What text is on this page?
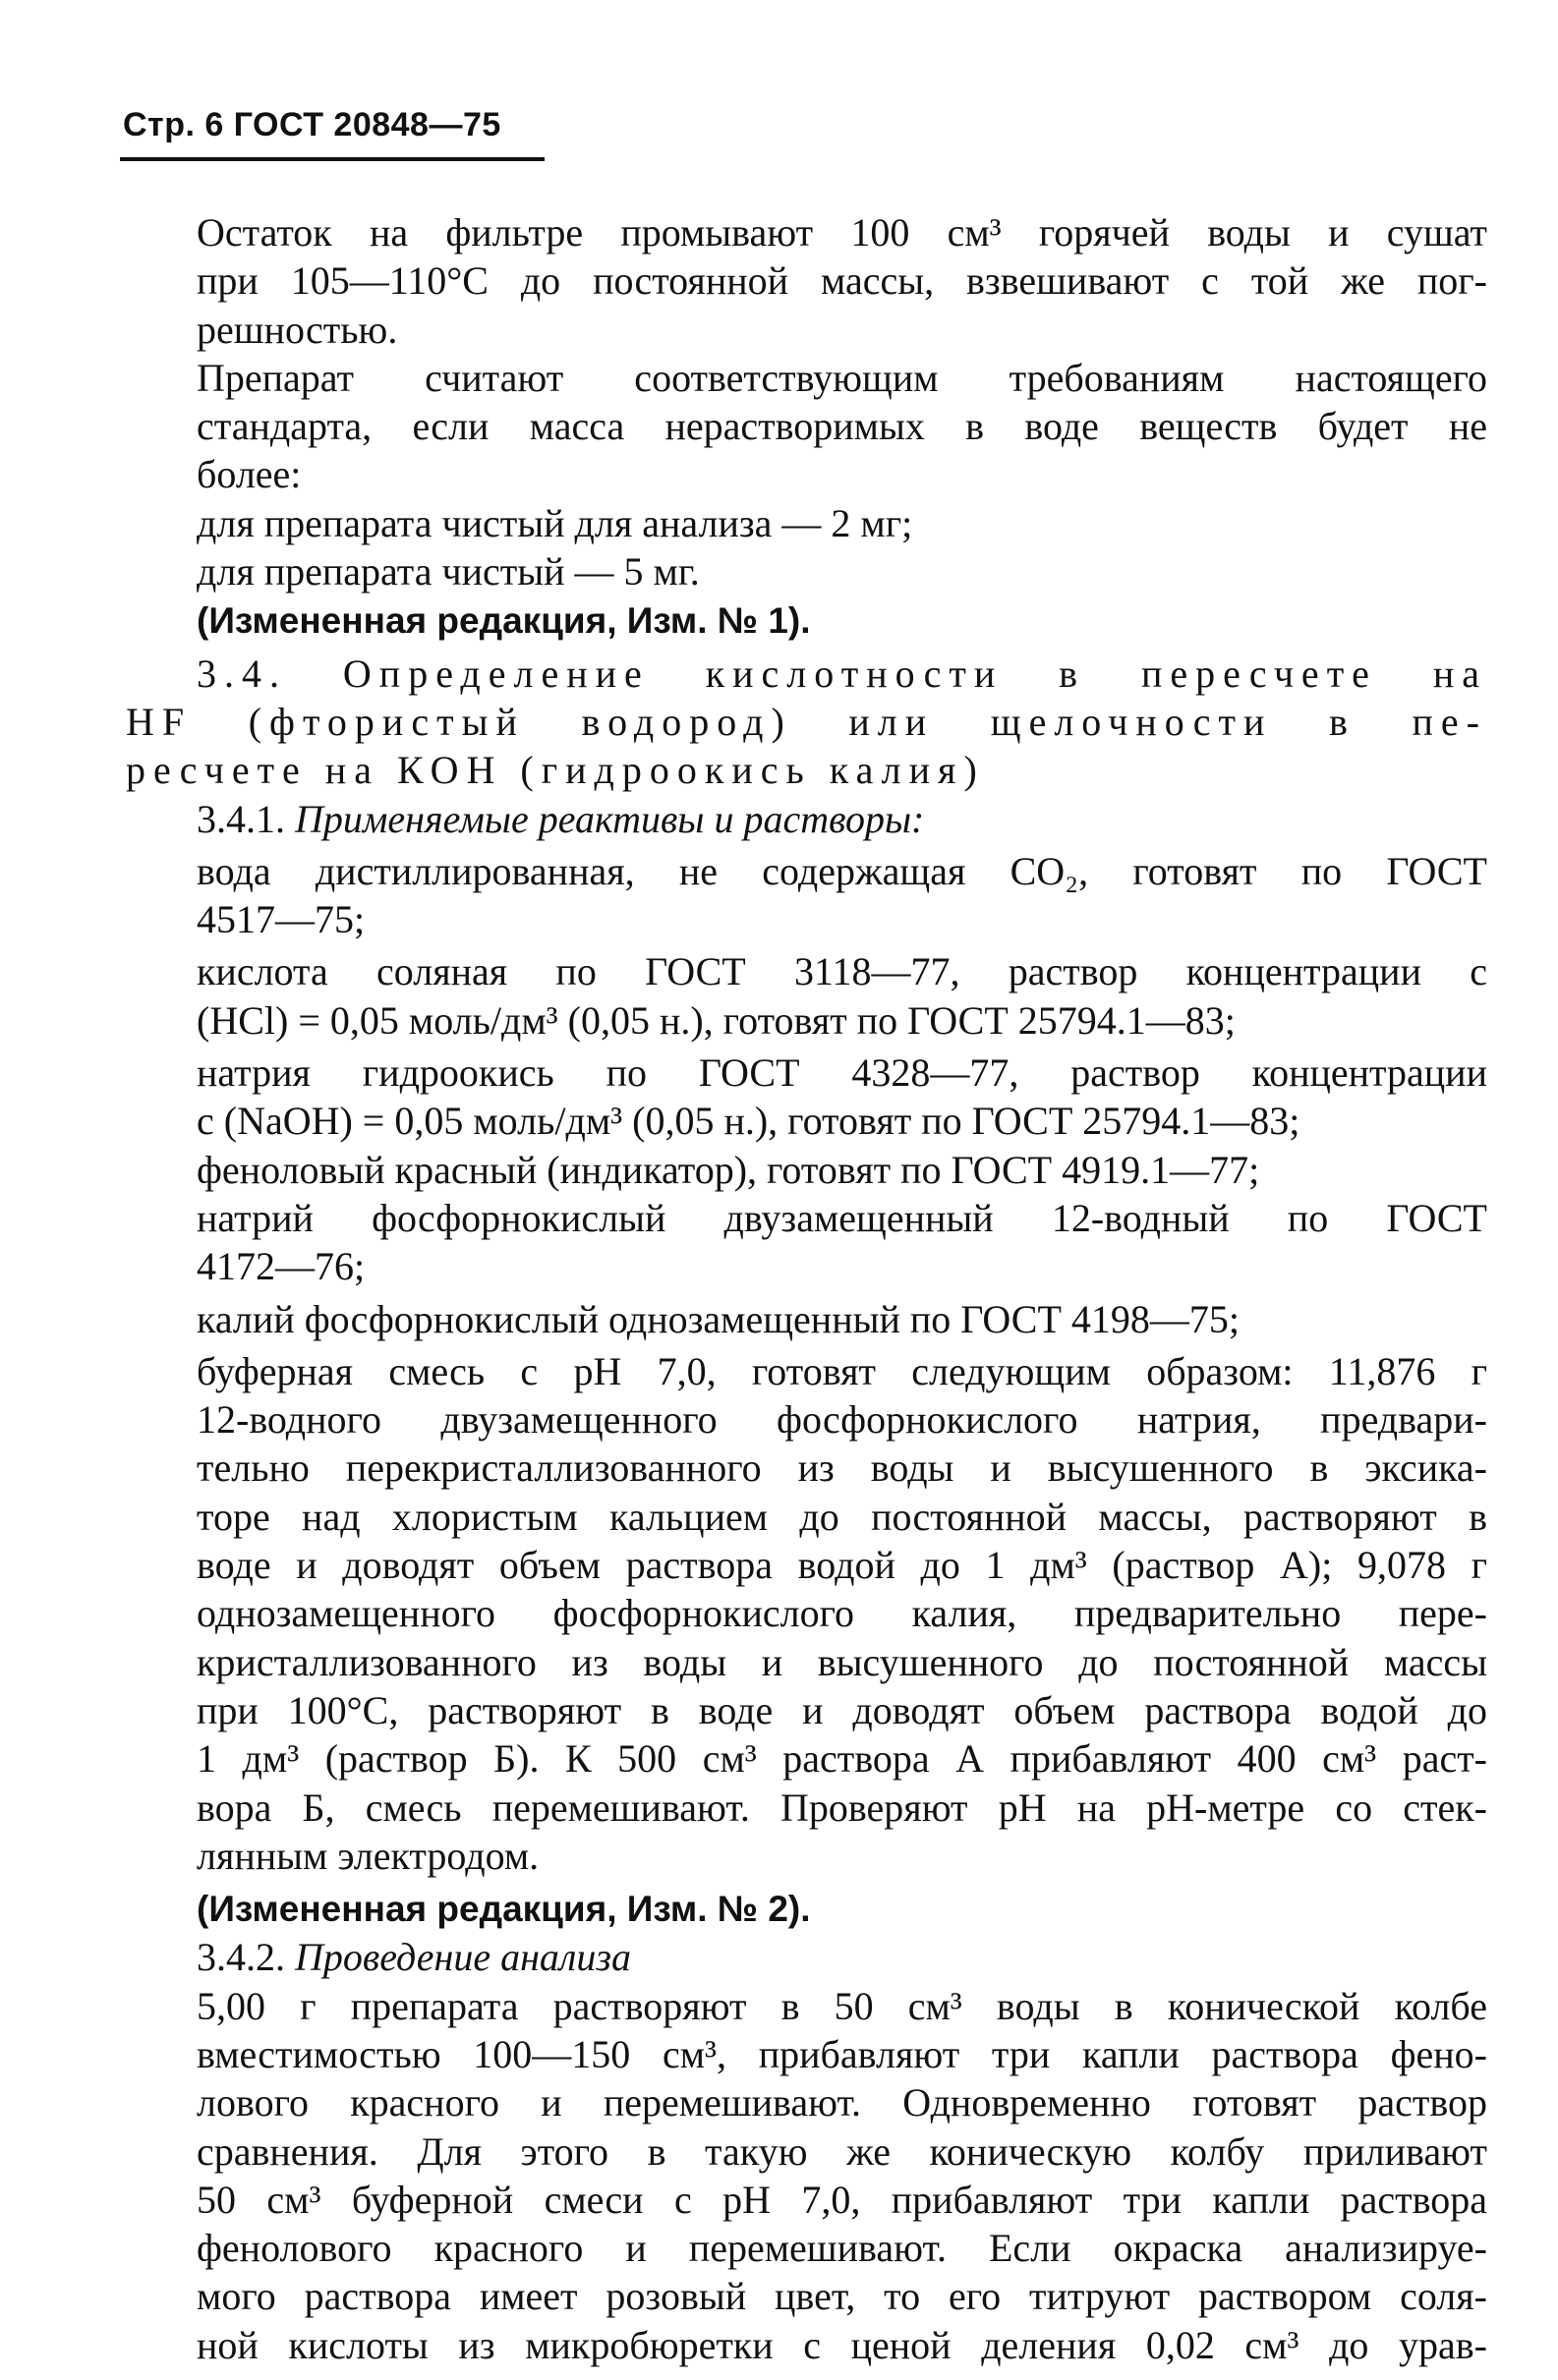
Стр. 6 ГОСТ 20848—75

Остаток на фильтре промывают 100 см³ горячей воды и сушат
при 105—110°С до постоянной массы, взвешивают с той же пог-
решностью.

Препарат считают соответствующим требованиям настоящего
стандарта, если масса нерастворимых в воде веществ будет не
более:

для препарата чистый для анализа — 2 мг;

для препарата чистый — 5 мг.

(Измененная редакция, Изм. № 1).

3.4. Определение кислотности в пересчете на
HF (фтористый водород) или щелочности в пе-
ресчете на КОН (гидроокись калия)

3.4.1. Применяемые реактивы и растворы:

вода дистиллированная, не содержащая CO₂, готовят по ГОСТ
4517—75;

кислота соляная по ГОСТ 3118—77, раствор концентрации с
(HCl) = 0,05 моль/дм³ (0,05 н.), готовят по ГОСТ 25794.1—83;

натрия гидроокись по ГОСТ 4328—77, раствор концентрации
с (NaOH) = 0,05 моль/дм³ (0,05 н.), готовят по ГОСТ 25794.1—83;

феноловый красный (индикатор), готовят по ГОСТ 4919.1—77;

натрий фосфорнокислый двузамещенный 12-водный по ГОСТ
4172—76;

калий фосфорнокислый однозамещенный по ГОСТ 4198—75;

буферная смесь с pH 7,0, готовят следующим образом: 11,876 г
12-водного двузамещенного фосфорнокислого натрия, предвари-
тельно перекристаллизованного из воды и высушенного в эксика-
торе над хлористым кальцием до постоянной массы, растворяют в
воде и доводят объем раствора водой до 1 дм³ (раствор А); 9,078 г
однозамещенного фосфорнокислого калия, предварительно пере-
кристаллизованного из воды и высушенного до постоянной массы
при 100°С, растворяют в воде и доводят объем раствора водой до
1 дм³ (раствор Б). К 500 см³ раствора А прибавляют 400 см³ раст-
вора Б, смесь перемешивают. Проверяют pH на pH-метре со стек-
лянным электродом.

(Измененная редакция, Изм. № 2).

3.4.2. Проведение анализа

5,00 г препарата растворяют в 50 см³ воды в конической колбе
вместимостью 100—150 см³, прибавляют три капли раствора фено-
лового красного и перемешивают. Одновременно готовят раствор
сравнения. Для этого в такую же коническую колбу приливают
50 см³ буферной смеси с pH 7,0, прибавляют три капли раствора
фенолового красного и перемешивают. Если окраска анализируе-
мого раствора имеет розовый цвет, то его титруют раствором соля-
ной кислоты из микробюретки с ценой деления 0,02 см³ до урав-
